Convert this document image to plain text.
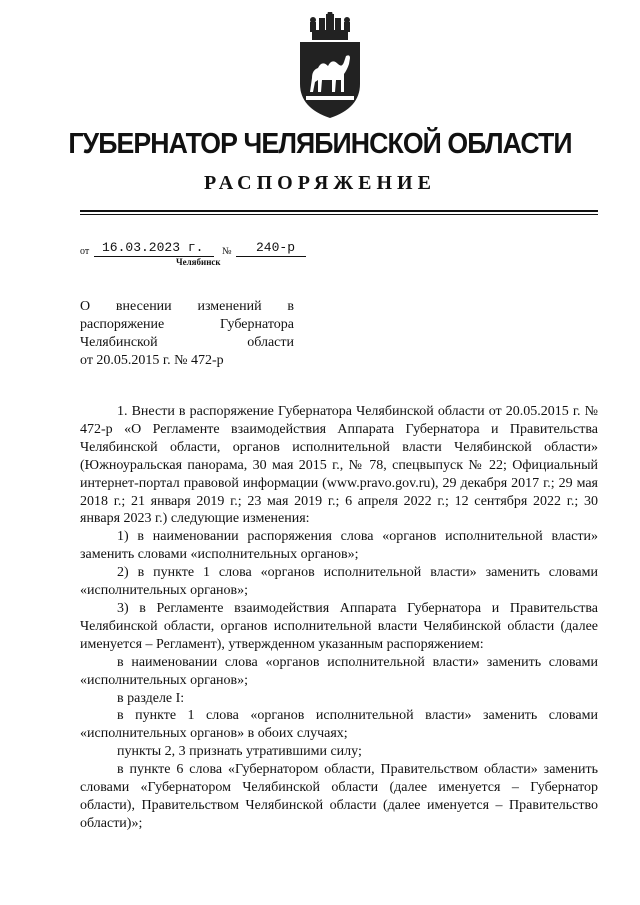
ГУБЕРНАТОР ЧЕЛЯБИНСКОЙ ОБЛАСТИ
РАСПОРЯЖЕНИЕ
от 16.03.2023 г. № 240-р
Челябинск
О внесении изменений в
распоряжение Губернатора
Челябинской области
от 20.05.2015 г. № 472-р

1. Внести в распоряжение Губернатора Челябинской области от 20.05.2015 г. № 472-р «О Регламенте взаимодействия Аппарата Губернатора и Правительства Челябинской области, органов исполнительной власти Челябинской области» (Южноуральская панорама, 30 мая 2015 г., № 78, спецвыпуск № 22; Официальный интернет-портал правовой информации (www.pravo.gov.ru), 29 декабря 2017 г.; 29 мая 2018 г.; 21 января 2019 г.; 23 мая 2019 г.; 6 апреля 2022 г.; 12 сентября 2022 г.; 30 января 2023 г.) следующие изменения:

1) в наименовании распоряжения слова «органов исполнительной власти» заменить словами «исполнительных органов»;

2) в пункте 1 слова «органов исполнительной власти» заменить словами «исполнительных органов»;

3) в Регламенте взаимодействия Аппарата Губернатора и Правительства Челябинской области, органов исполнительной власти Челябинской области (далее именуется – Регламент), утвержденном указанным распоряжением:

в наименовании слова «органов исполнительной власти» заменить словами «исполнительных органов»;

в разделе I:

в пункте 1 слова «органов исполнительной власти» заменить словами «исполнительных органов» в обоих случаях;

пункты 2, 3 признать утратившими силу;

в пункте 6 слова «Губернатором области, Правительством области» заменить словами «Губернатором Челябинской области (далее именуется – Губернатор области), Правительством Челябинской области (далее именуется – Правительство области)»;
